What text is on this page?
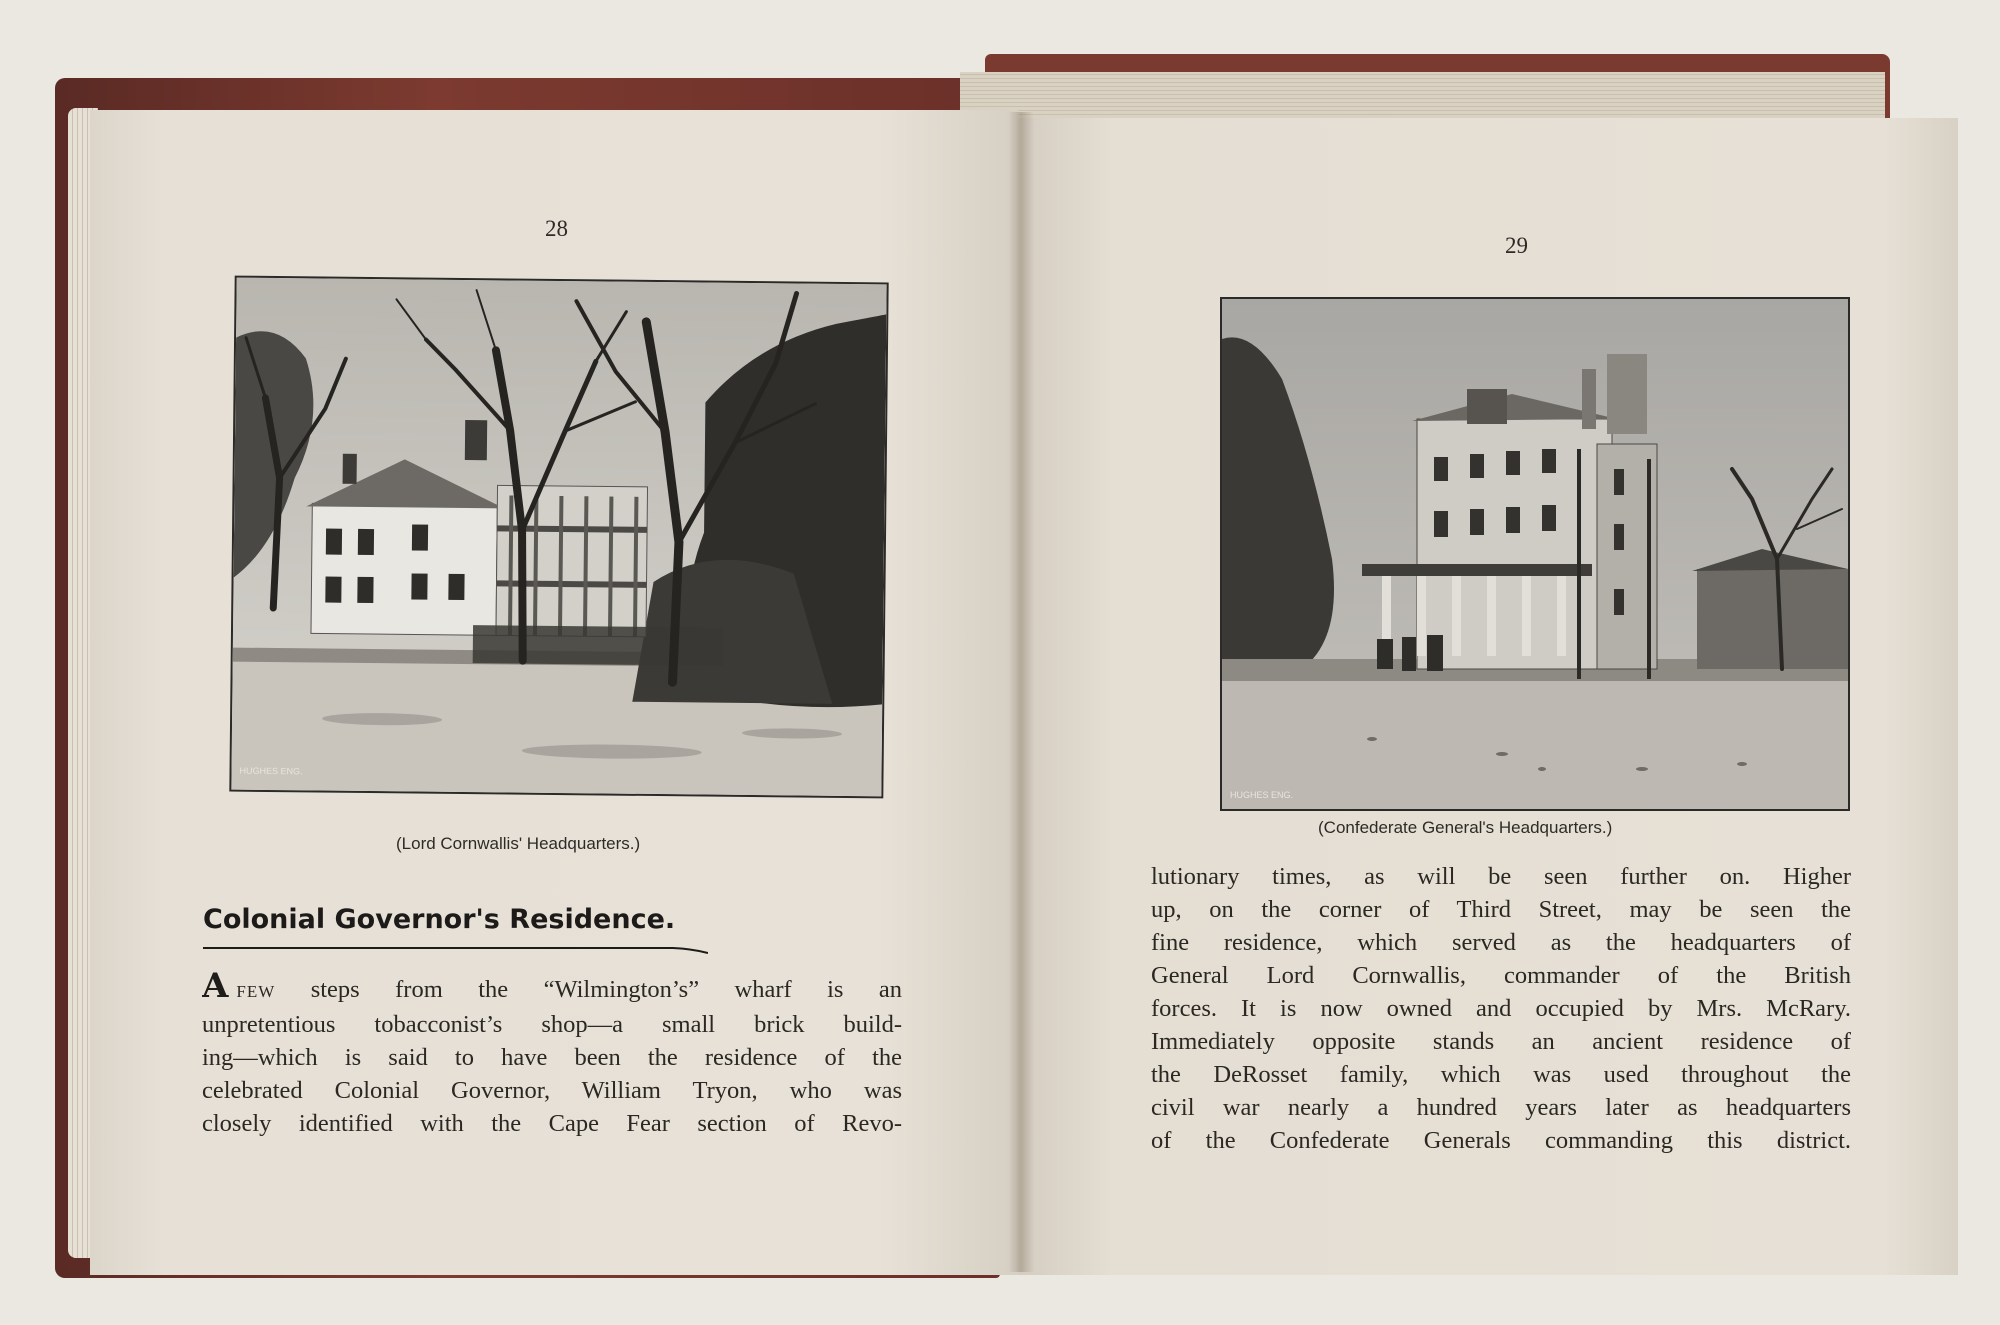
28
HUGHES ENG.
(Lord Cornwallis' Headquarters.)
Colonial Governor's Residence.
AFEW steps from the “Wilmington’s” wharf is an
unpretentious tobacconist’s shop—a small brick build-
ing—which is said to have been the residence of the
celebrated Colonial Governor, William Tryon, who was
closely identified with the Cape Fear section of Revo-
29
HUGHES ENG.
(Confederate General's Headquarters.)
lutionary times, as will be seen further on. Higher
up, on the corner of Third Street, may be seen the
fine residence, which served as the headquarters of
General Lord Cornwallis, commander of the British
forces. It is now owned and occupied by Mrs. McRary.
Immediately opposite stands an ancient residence of
the DeRosset family, which was used throughout the
civil war nearly a hundred years later as headquarters
of the Confederate Generals commanding this district.
